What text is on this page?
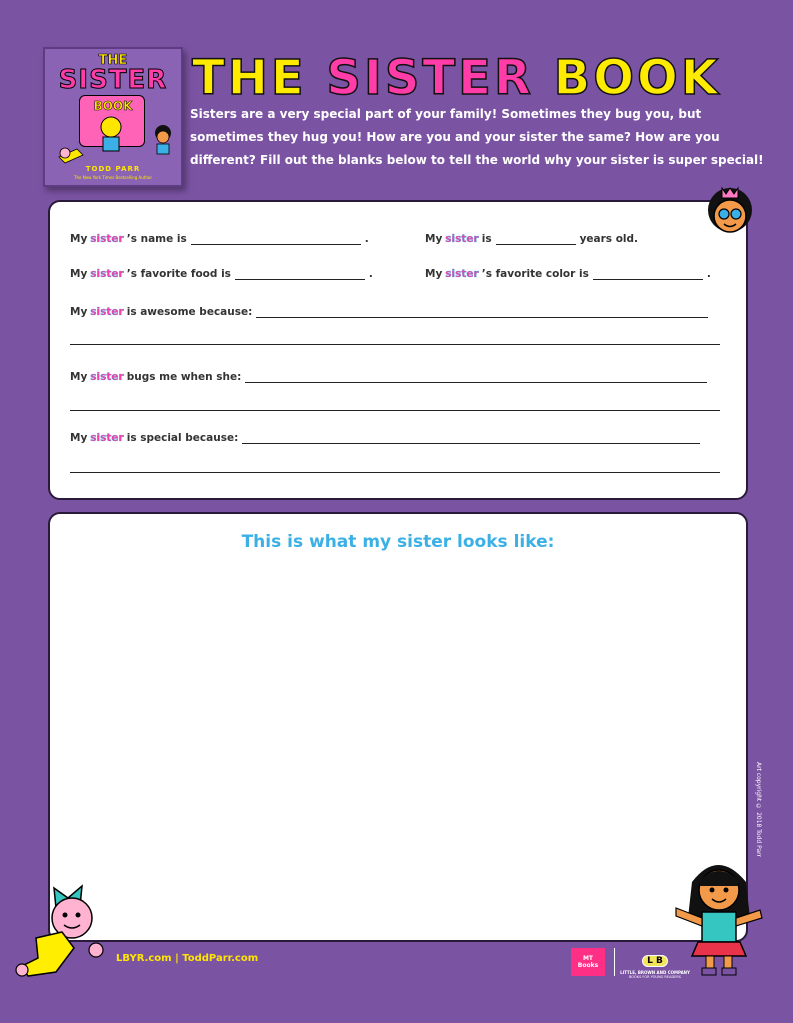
THE
SISTER
BOOK
TODD PARR
The New York Times Bestselling Author
THE SISTER BOOK

Sisters are a very special part of your family! Sometimes they bug you, but sometimes they hug you! How are you and your sister the same? How are you different? Fill out the blanks below to tell the world why your sister is super special!

My sister ’s name is	.	My sister is	years old.
My sister ’s favorite food is	.	My sister ’s favorite color is	.
My sister is awesome because:
My sister bugs me when she:
My sister is special because:
This is what my sister looks like:
LBYR.com | ToddParr.com
Art copyright © 2018 Todd Parr
MT
Books	L B
LITTLE, BROWN AND COMPANY
BOOKS FOR YOUNG READERS
